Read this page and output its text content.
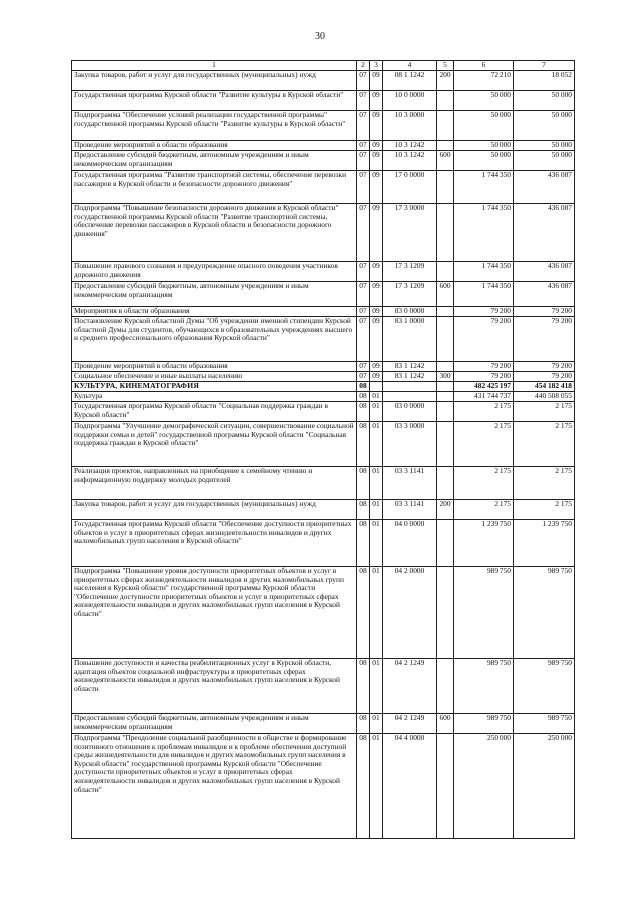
30
1	2	3	4	5	6	7
Закупка товаров, работ и услуг для государственных (муниципальных) нужд	07	09	08 1 1242	200	72 210	18 052
Государственная программа Курской области "Развитие культуры в Курской области"	07	09	10 0 0000		50 000	50 000
Подпрограмма "Обеспечение условий реализации государственной программы" государственной программы Курской области "Развитие культуры в Курской области"	07	09	10 3 0000		50 000	50 000
Проведение мероприятий в области образования	07	09	10 3 1242		50 000	50 000
Предоставление субсидий бюджетным, автономным учреждениям и иным некоммерческим организациям	07	09	10 3 1242	600	50 000	50 000
Государственная программа "Развитие транспортной системы, обеспечение перевозки пассажиров в Курской области и безопасности дорожного движения"	07	09	17 0 0000		1 744 350	436 087
Подпрограмма "Повышение безопасности дорожного движения в Курской области" государственной программы Курской области "Развитие транспортной системы, обеспечение перевозки пассажиров в Курской области и безопасности дорожного движения"	07	09	17 3 0000		1 744 350	436 087
Повышение правового сознания и предупреждение опасного поведения участников дорожного движения	07	09	17 3 1209		1 744 350	436 087
Предоставление субсидий бюджетным, автономным учреждениям и иным некоммерческим организациям	07	09	17 3 1209	600	1 744 350	436 087
Мероприятия в области образования	07	09	83 0 0000		79 200	79 200
Постановление Курской областной Думы "Об учреждении именной стипендии Курской областной Думы для студентов, обучающихся в образовательных учреждениях высшего и среднего профессионального образования Курской области"	07	09	83 1 0000		79 200	79 200
Проведение мероприятий в области образования	07	09	83 1 1242		79 200	79 200
Социальное обеспечение и иные выплаты населению	07	09	83 1 1242	300	79 200	79 200
КУЛЬТУРА, КИНЕМАТОГРАФИЯ	08				482 425 197	454 182 418
Культура	08	01			431 744 737	440 508 055
Государственная программа Курской области "Социальная поддержка граждан в Курской области"	08	01	03 0 0000		2 175	2 175
Подпрограмма "Улучшение демографической ситуации, совершенствование социальной поддержки семьи и детей" государственной программы Курской области "Социальная поддержка граждан в Курской области"	08	01	03 3 0000		2 175	2 175
Реализация проектов, направленных на приобщение к семейному чтению и информационную поддержку молодых родителей	08	01	03 3 1141		2 175	2 175
Закупка товаров, работ и услуг для государственных (муниципальных) нужд	08	01	03 3 1141	200	2 175	2 175
Государственная программа Курской области "Обеспечение доступности приоритетных объектов и услуг в приоритетных сферах жизнедеятельности инвалидов и других маломобильных групп населения в Курской области"	08	01	04 0 0000		1 239 750	1 239 750
Подпрограмма "Повышение уровня доступности приоритетных объектов и услуг в приоритетных сферах жизнедеятельности инвалидов и других маломобильных групп населения в Курской области" государственной программы Курской области "Обеспечение доступности приоритетных объектов и услуг в приоритетных сферах жизнедеятельности инвалидов и других маломобильных групп населения в Курской области"	08	01	04 2 0000		989 750	989 750
Повышение доступности и качества реабилитационных услуг в Курской области, адаптация объектов социальной инфраструктуры в приоритетных сферах жизнедеятельности инвалидов и других маломобильных групп населения в Курской области	08	01	04 2 1249		989 750	989 750
Предоставление субсидий бюджетным, автономным учреждениям и иным некоммерческим организациям	08	01	04 2 1249	600	989 750	989 750
Подпрограмма "Преодоление социальной разобщенности в обществе и формирование позитивного отношения к проблемам инвалидов и к проблеме обеспечения доступной среды жизнедеятельности для инвалидов и других маломобильных групп населения в Курской области" государственной программы Курской области "Обеспечение доступности приоритетных объектов и услуг в приоритетных сферах жизнедеятельности инвалидов и других маломобильных групп населения в Курской области"	08	01	04 4 0000		250 000	250 000
